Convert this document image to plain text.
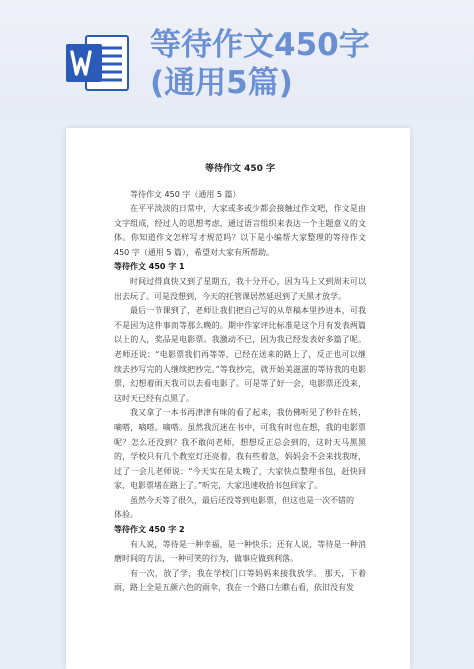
等待作文450字
(通用5篇)
等待作文 450 字

等待作文 450 字（通用 5 篇）

在平平淡淡的日常中，大家或多或少都会接触过作文吧，作文是由文字组成，经过人的思想考虑，通过语言组织来表达一个主题意义的文体。你知道作文怎样写才规范吗？以下是小编帮大家整理的等待作文 450 字（通用 5 篇），希望对大家有所帮助。

等待作文 450 字 1

时间过得真快又到了星期五，我十分开心，因为马上又到周末可以出去玩了。可是没想到，今天的托管课居然延迟到了天黑才放学。

最后一节课到了，老师让我们把自己写的从草稿本里抄进本，可我不是因为这件事而等那么晚的。期中作家评比标准是这个月有发表两篇以上的人，奖品是电影票。我激动不已，因为我已经发表好多篇了呢。老师还说：“电影票我们再等等，已经在送来的路上了，反正也可以继续去抄写完的人继续把抄完。”等我抄完，就开始美滋滋的等待我的电影票，幻想着雨天我可以去看电影了。可是等了好一会，电影票还没来，这时天已经有点黑了。

我又拿了一本书再津津有味的看了起来，我仿佛听见了秒针在转，嘀嗒，嘀嗒。嘀嗒。虽然我沉迷在书中，可我有时也在想，我的电影票呢？怎么还没到？我不敢问老师，想想反正总会到的，这时天马黑黑的，学校只有几个教室灯还亮着，我有些着急，妈妈会不会来找我呀，过了一会儿老师说：“今天实在是太晚了，大家快点整理书包，赶快回家，电影票堵在路上了。”听完，大家迅速收拾书包回家了。

虽然今天等了很久，最后还没等到电影票，但这也是一次不错的

体验。

等待作文 450 字 2

有人说，等待是一种幸福，是一种快乐；还有人说，等待是一种消磨时间的方法，一种可笑的行为，做事应做到利落。

有一次，放了学，我在学校门口等妈妈来接我放学。 那天，下着雨，路上全是五颜六色的雨伞，我在一个路口左瞧右看，依旧没有发
